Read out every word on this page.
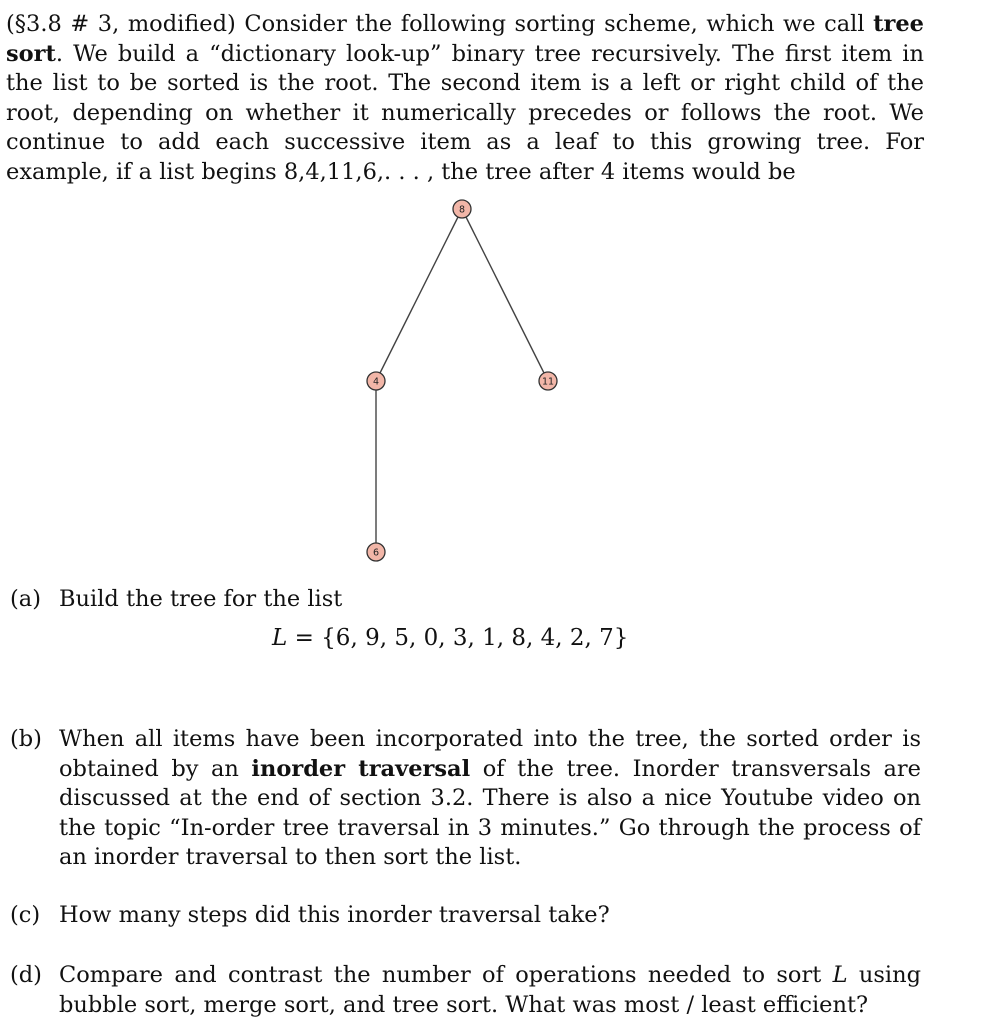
(§3.8 # 3, modified) Consider the following sorting scheme, which we call tree sort. We build a “dictionary look-up” binary tree recursively. The first item in the list to be sorted is the root. The second item is a left or right child of the root, depending on whether it numerically precedes or follows the root. We continue to add each successive item as a leaf to this growing tree. For example, if a list begins 8,4,11,6,. . . , the tree after 4 items would be

8
4	11
6
(a) Build the tree for the list

L = {6, 9, 5, 0, 3, 1, 8, 4, 2, 7}
(b) When all items have been incorporated into the tree, the sorted order is obtained by an inorder traversal of the tree. Inorder transversals are discussed at the end of section 3.2. There is also a nice Youtube video on the topic “In-order tree traversal in 3 minutes.” Go through the process of an inorder traversal to then sort the list.

(c) How many steps did this inorder traversal take?

(d) Compare and contrast the number of operations needed to sort L using bubble sort, merge sort, and tree sort. What was most / least efficient?
